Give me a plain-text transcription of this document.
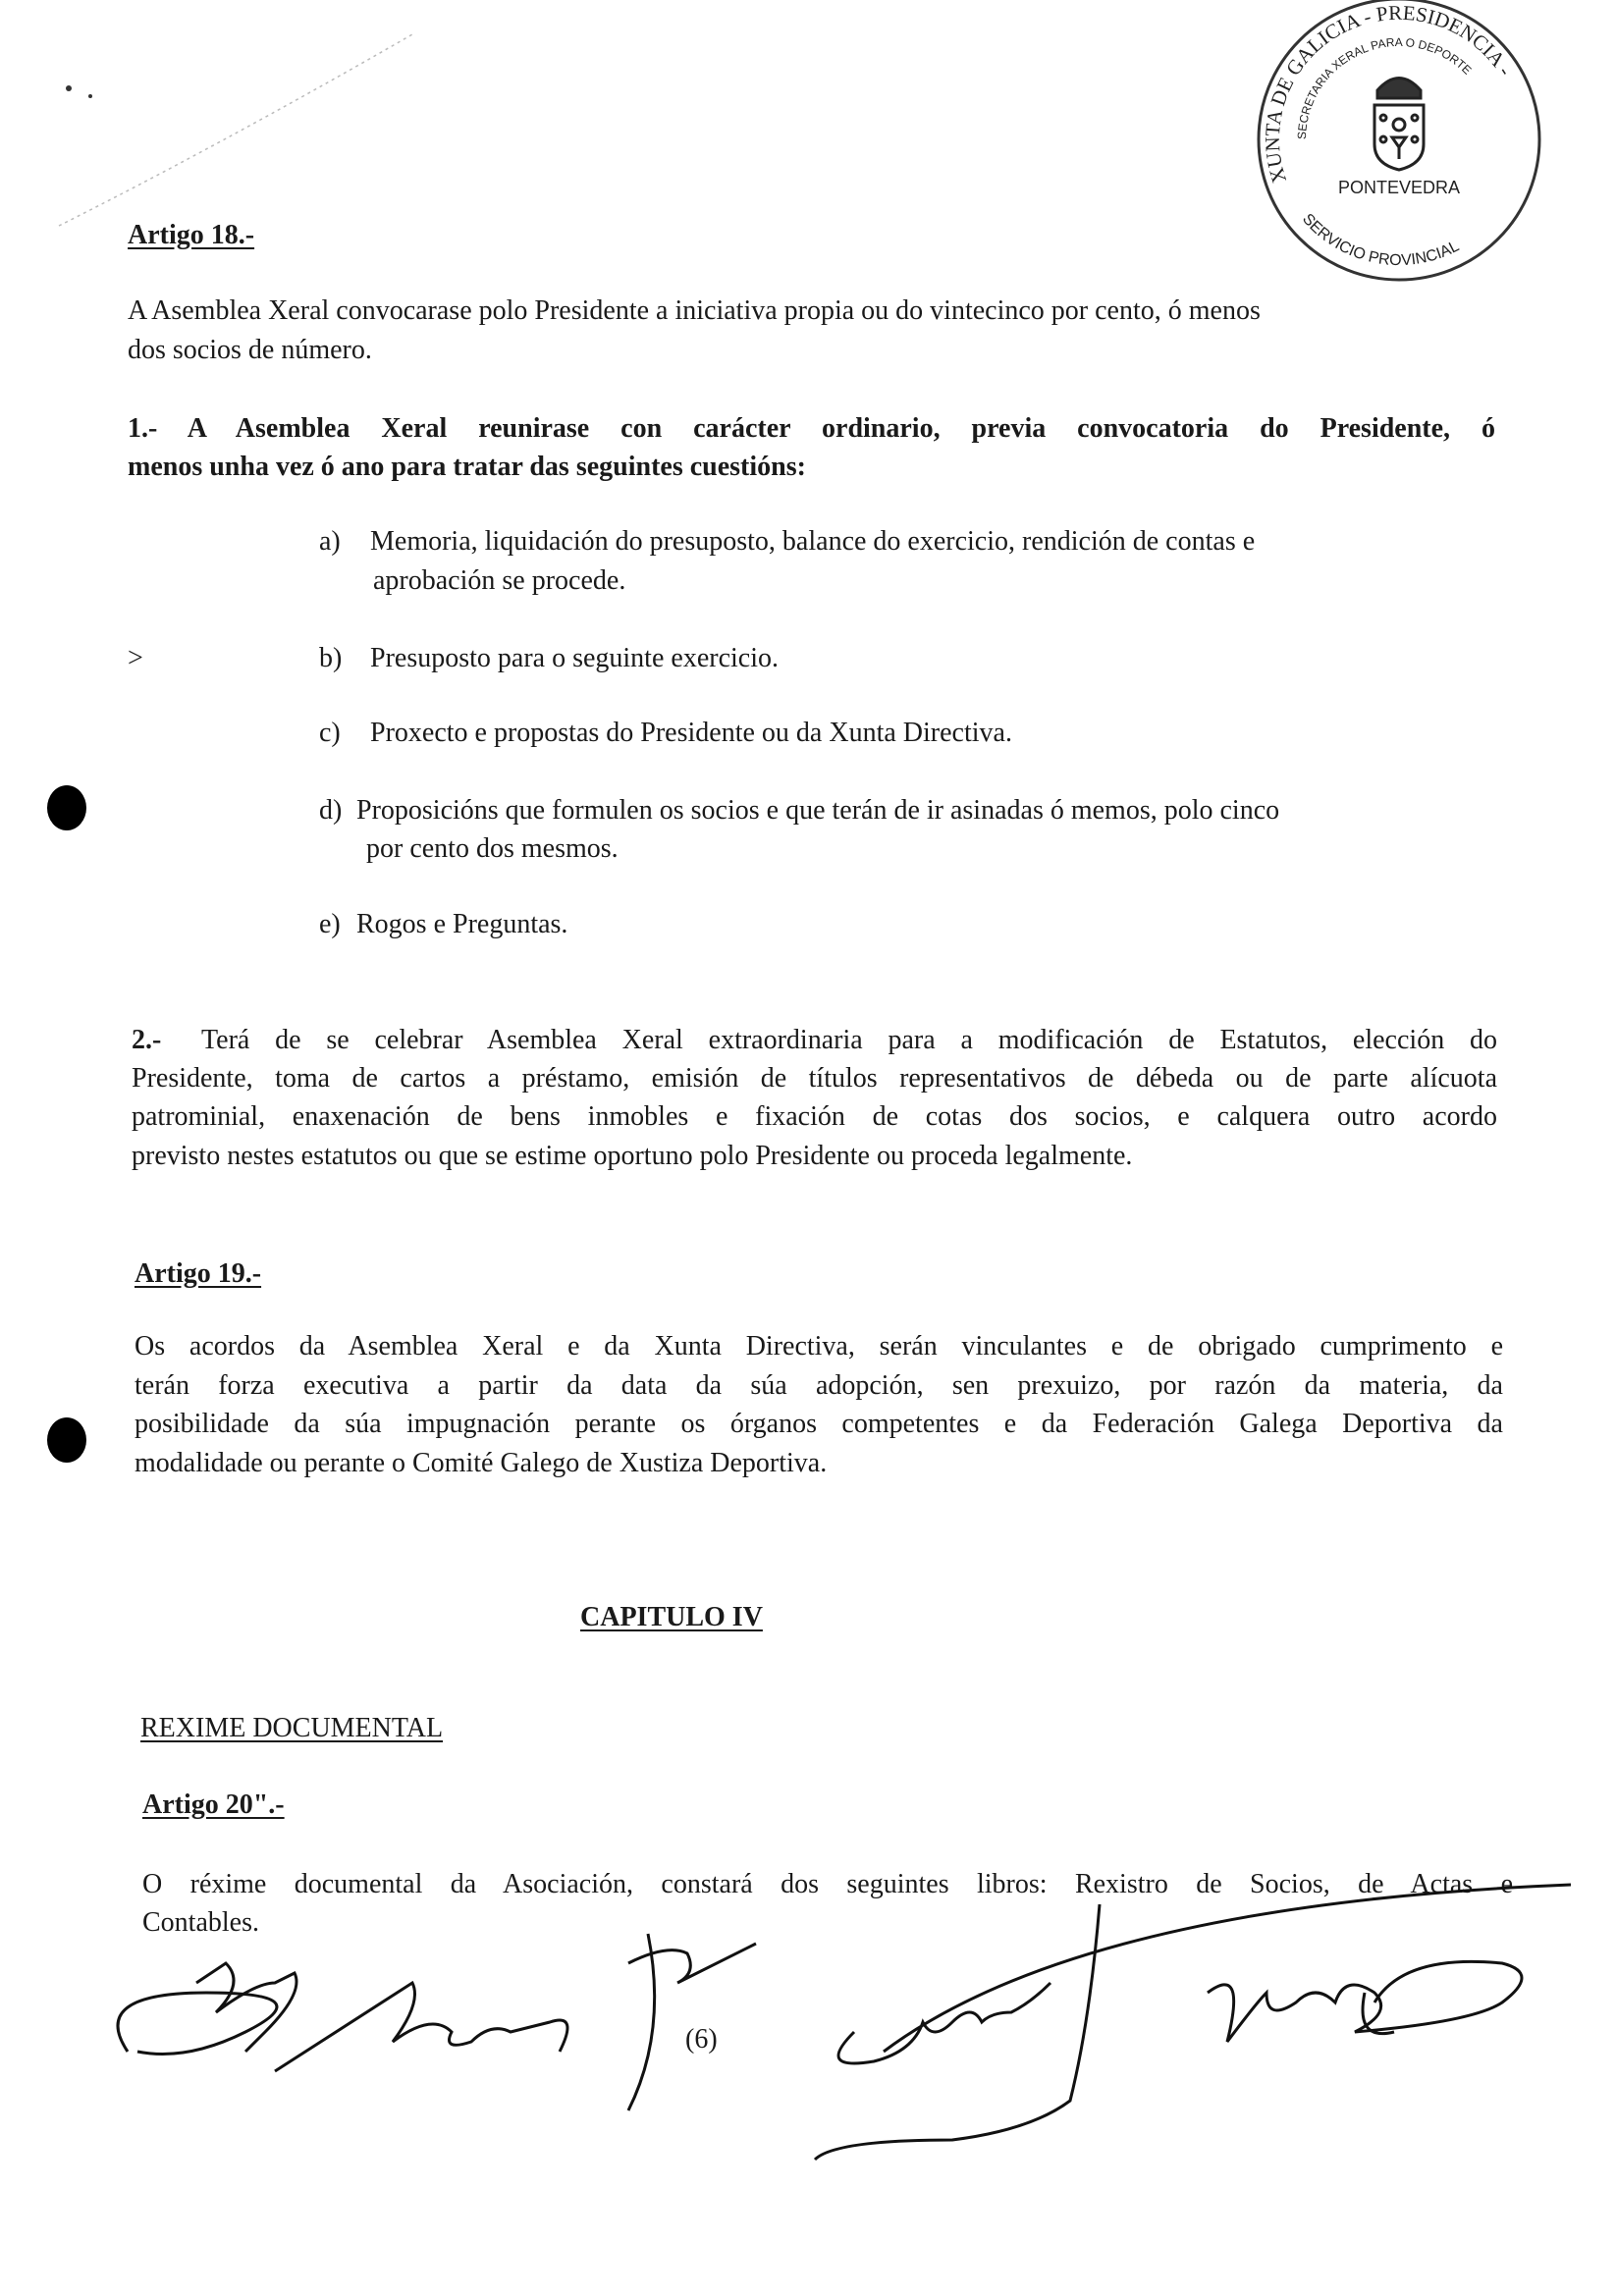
XUNTA DE GALICIA - PRESIDENCIA -
SECRETARIA XERAL PARA O DEPORTE
SERVICIO PROVINCIAL
PONTEVEDRA
Artigo 18.-
A Asemblea Xeral convocarase polo Presidente a iniciativa propia ou do vintecinco por cento, ó menos
dos socios de número.
1.- A Asemblea Xeral reunirase con carácter ordinario, previa convocatoria do Presidente, ó
menos unha vez ó ano para tratar das seguintes cuestións:
a) Memoria, liquidación do presuposto, balance do exercicio, rendición de contas e
aprobación se procede.
>	b) Presuposto para o seguinte exercicio.
c) Proxecto e propostas do Presidente ou da Xunta Directiva.
d) Proposicións que formulen os socios e que terán de ir asinadas ó memos, polo cinco
por cento dos mesmos.
e) Rogos e Preguntas.
2.- Terá de se celebrar Asemblea Xeral extraordinaria para a modificación de Estatutos, elección do
Presidente, toma de cartos a préstamo, emisión de títulos representativos de débeda ou de parte alícuota
patrominial, enaxenación de bens inmobles e fixación de cotas dos socios, e calquera outro acordo
previsto nestes estatutos ou que se estime oportuno polo Presidente ou proceda legalmente.
Artigo 19.-
Os acordos da Asemblea Xeral e da Xunta Directiva, serán vinculantes e de obrigado cumprimento e
terán forza executiva a partir da data da súa adopción, sen prexuizo, por razón da materia, da
posibilidade da súa impugnación perante os órganos competentes e da Federación Galega Deportiva da
modalidade ou perante o Comité Galego de Xustiza Deportiva.
CAPITULO IV
REXIME DOCUMENTAL
Artigo 20".-
O réxime documental da Asociación, constará dos seguintes libros: Rexistro de Socios, de Actas e
Contables.
(6)
